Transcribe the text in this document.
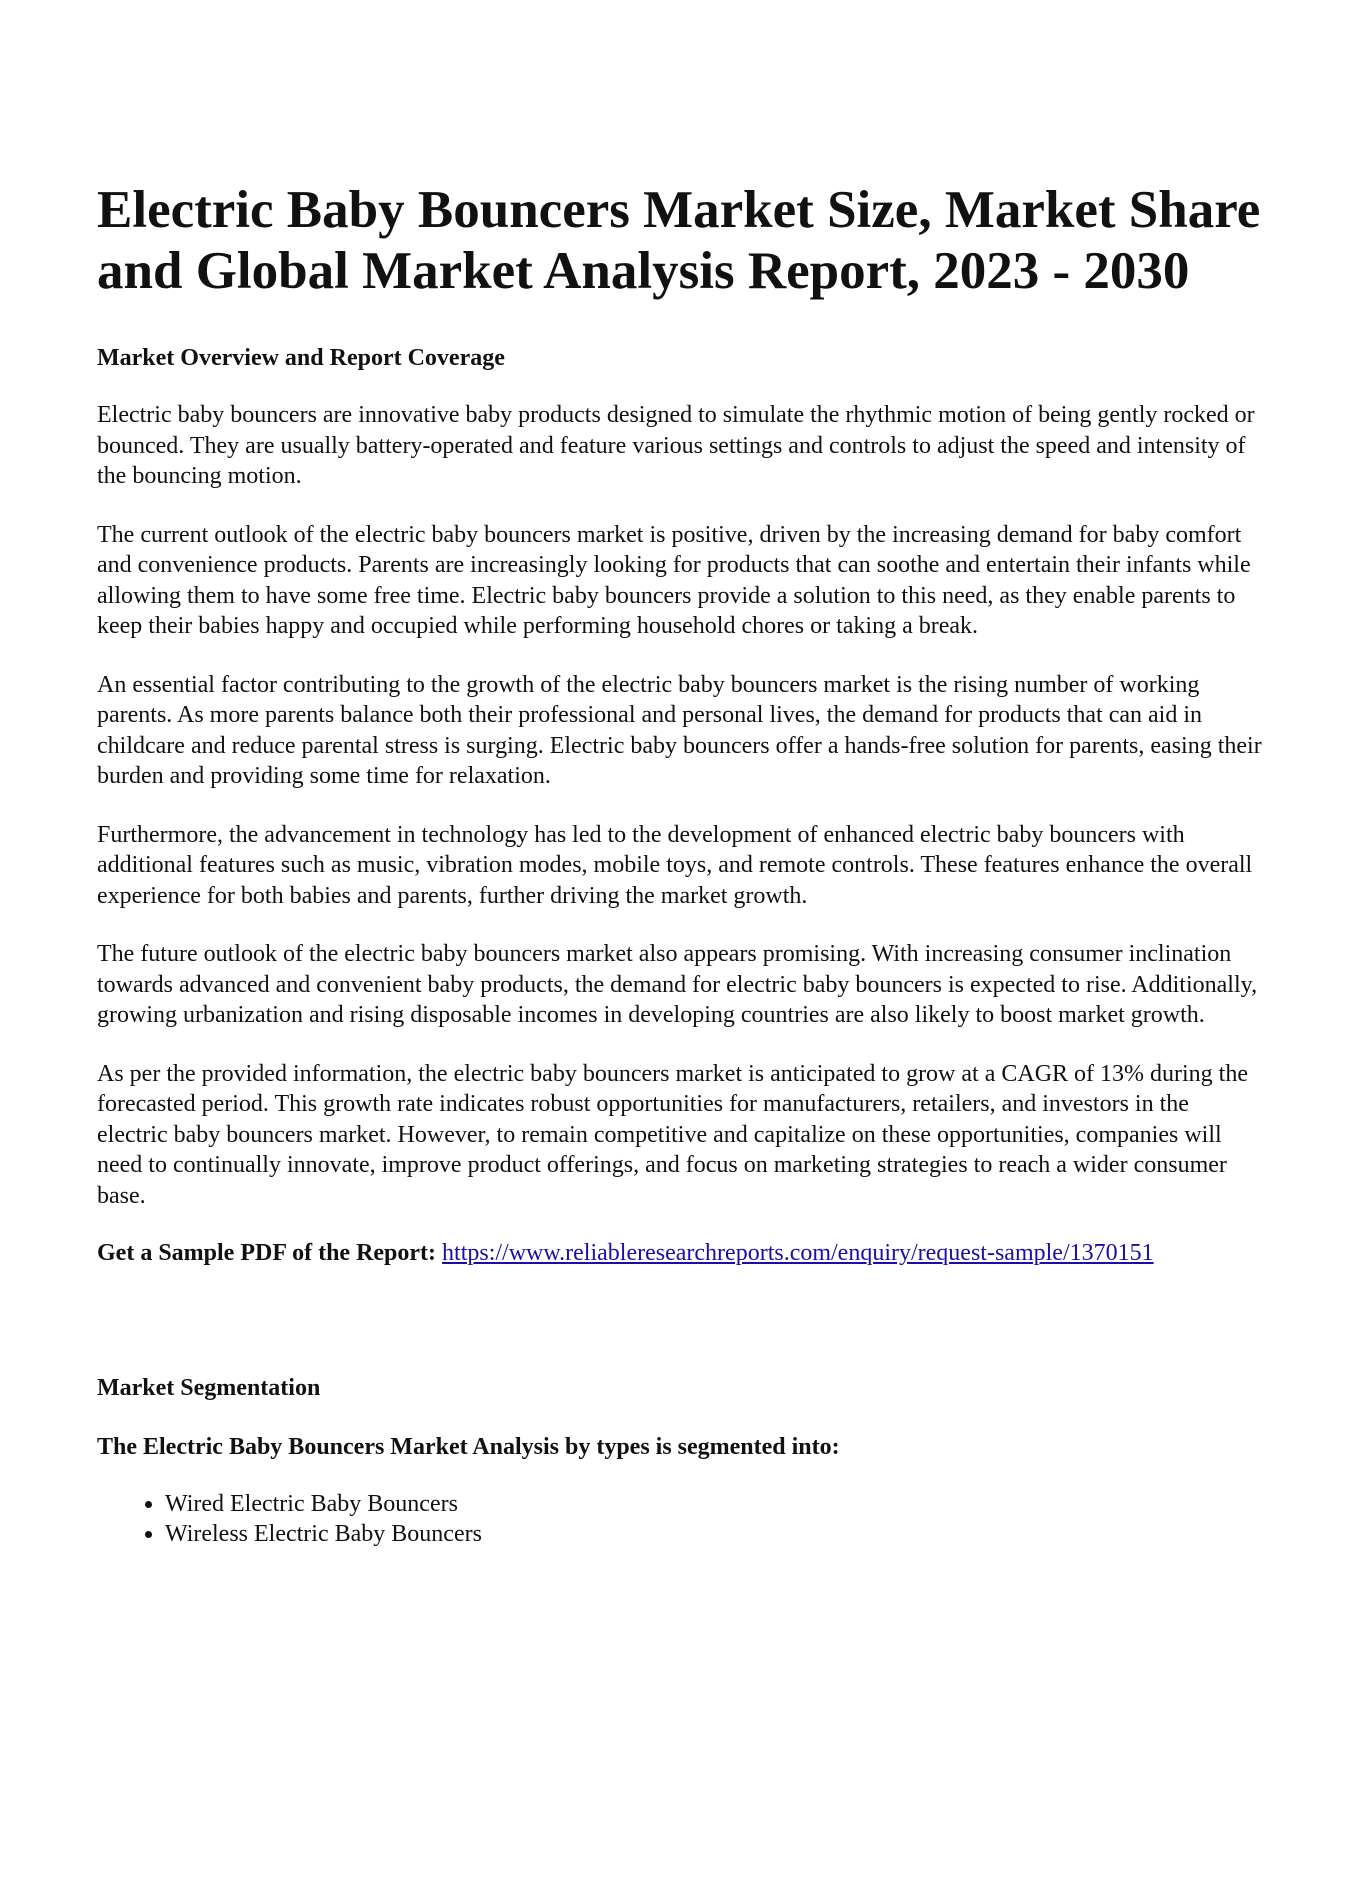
Electric Baby Bouncers Market Size, Market Share and Global Market Analysis Report, 2023 - 2030
Market Overview and Report Coverage

Electric baby bouncers are innovative baby products designed to simulate the rhythmic motion of being gently rocked or bounced. They are usually battery-operated and feature various settings and controls to adjust the speed and intensity of the bouncing motion.

The current outlook of the electric baby bouncers market is positive, driven by the increasing demand for baby comfort and convenience products. Parents are increasingly looking for products that can soothe and entertain their infants while allowing them to have some free time. Electric baby bouncers provide a solution to this need, as they enable parents to keep their babies happy and occupied while performing household chores or taking a break.

An essential factor contributing to the growth of the electric baby bouncers market is the rising number of working parents. As more parents balance both their professional and personal lives, the demand for products that can aid in childcare and reduce parental stress is surging. Electric baby bouncers offer a hands-free solution for parents, easing their burden and providing some time for relaxation.

Furthermore, the advancement in technology has led to the development of enhanced electric baby bouncers with additional features such as music, vibration modes, mobile toys, and remote controls. These features enhance the overall experience for both babies and parents, further driving the market growth.

The future outlook of the electric baby bouncers market also appears promising. With increasing consumer inclination towards advanced and convenient baby products, the demand for electric baby bouncers is expected to rise. Additionally, growing urbanization and rising disposable incomes in developing countries are also likely to boost market growth.

As per the provided information, the electric baby bouncers market is anticipated to grow at a CAGR of 13% during the forecasted period. This growth rate indicates robust opportunities for manufacturers, retailers, and investors in the electric baby bouncers market. However, to remain competitive and capitalize on these opportunities, companies will need to continually innovate, improve product offerings, and focus on marketing strategies to reach a wider consumer base.

Get a Sample PDF of the Report: https://www.reliableresearchreports.com/enquiry/request-sample/1370151

Market Segmentation
The Electric Baby Bouncers Market Analysis by types is segmented into:
• Wired Electric Baby Bouncers
• Wireless Electric Baby Bouncers
